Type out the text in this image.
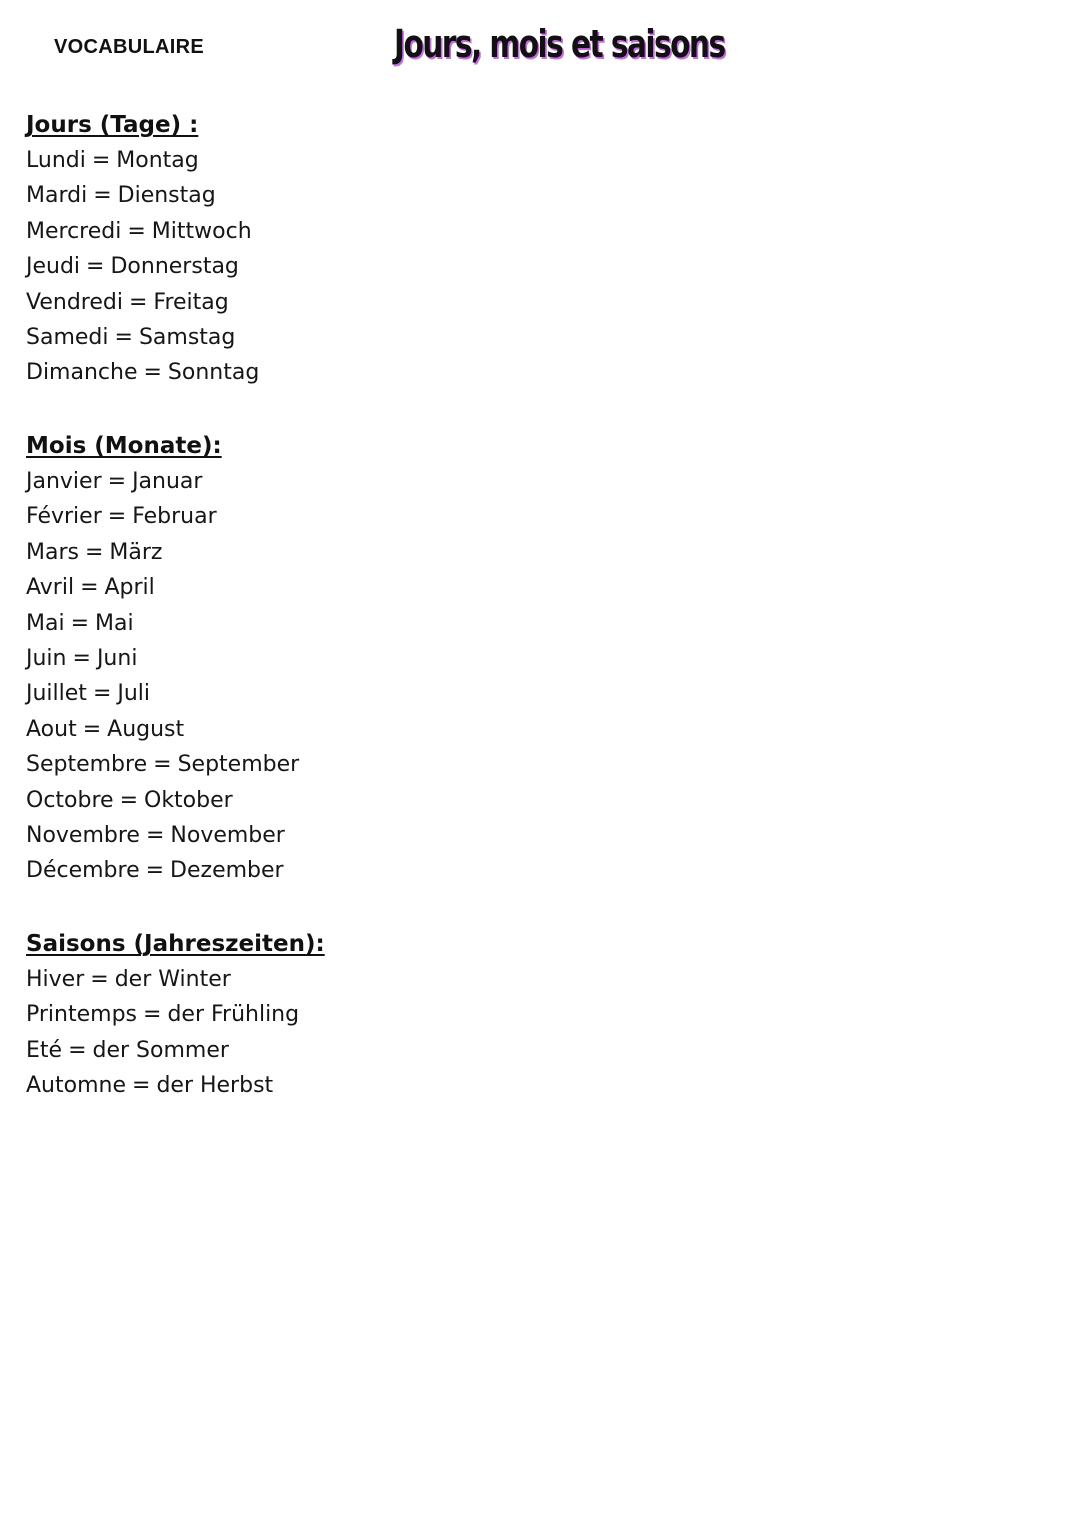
VOCABULAIRE	Jours, mois et saisons
Jours (Tage) :
Lundi = Montag
Mardi = Dienstag
Mercredi = Mittwoch
Jeudi = Donnerstag
Vendredi = Freitag
Samedi = Samstag
Dimanche = Sonntag
Mois (Monate):
Janvier = Januar
Février = Februar
Mars = März
Avril = April
Mai = Mai
Juin = Juni
Juillet = Juli
Aout = August
Septembre = September
Octobre = Oktober
Novembre = November
Décembre = Dezember
Saisons (Jahreszeiten):
Hiver = der Winter
Printemps = der Frühling
Eté = der Sommer
Automne = der Herbst
